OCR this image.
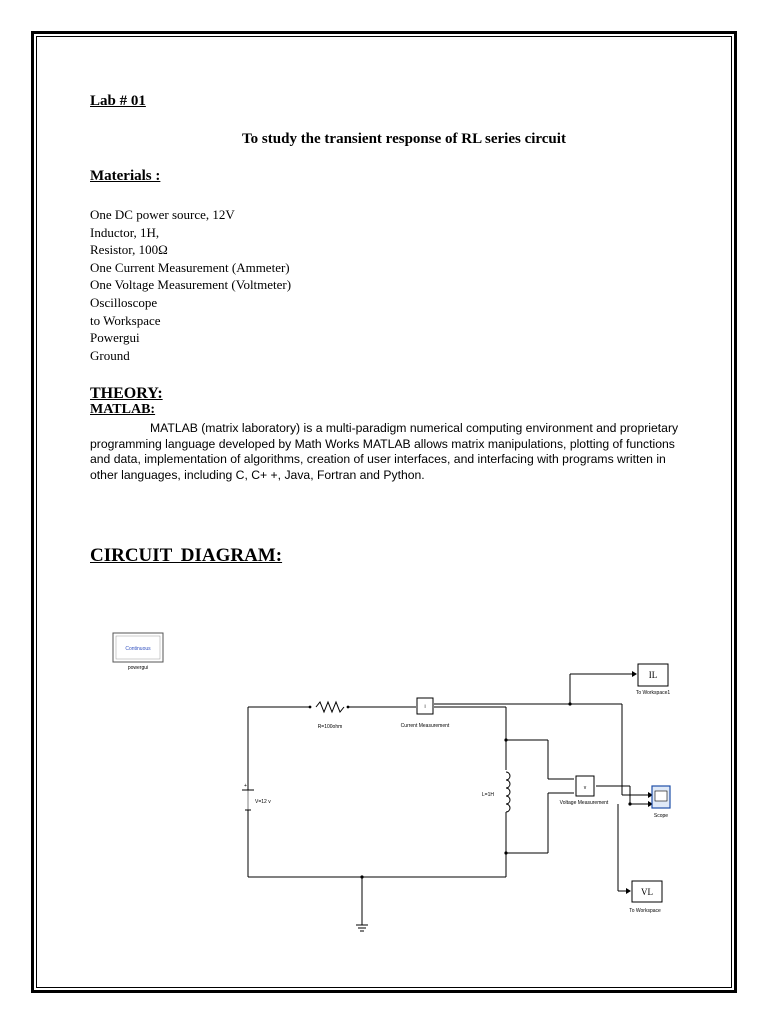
Lab # 01
To study the transient response of RL series circuit
Materials :
One DC power source, 12V
Inductor, 1H,
Resistor, 100Ω
One Current Measurement (Ammeter)
One Voltage Measurement (Voltmeter)
Oscilloscope
to Workspace
Powergui
Ground
THEORY:
MATLAB:
MATLAB (matrix laboratory) is a multi-paradigm numerical computing environment and proprietary programming language developed by Math Works MATLAB allows matrix manipulations, plotting of functions and data, implementation of algorithms, creation of user interfaces, and interfacing with programs written in other languages, including C, C+ +, Java, Fortran and Python.
CIRCUIT DIAGRAM:
Continuous
powergui
R=100ohm
i
Current Measurement
+
V=12 v
L=1H
v
Voltage Measurement
Scope
IL
To Workspace1
VL
To Workspace
